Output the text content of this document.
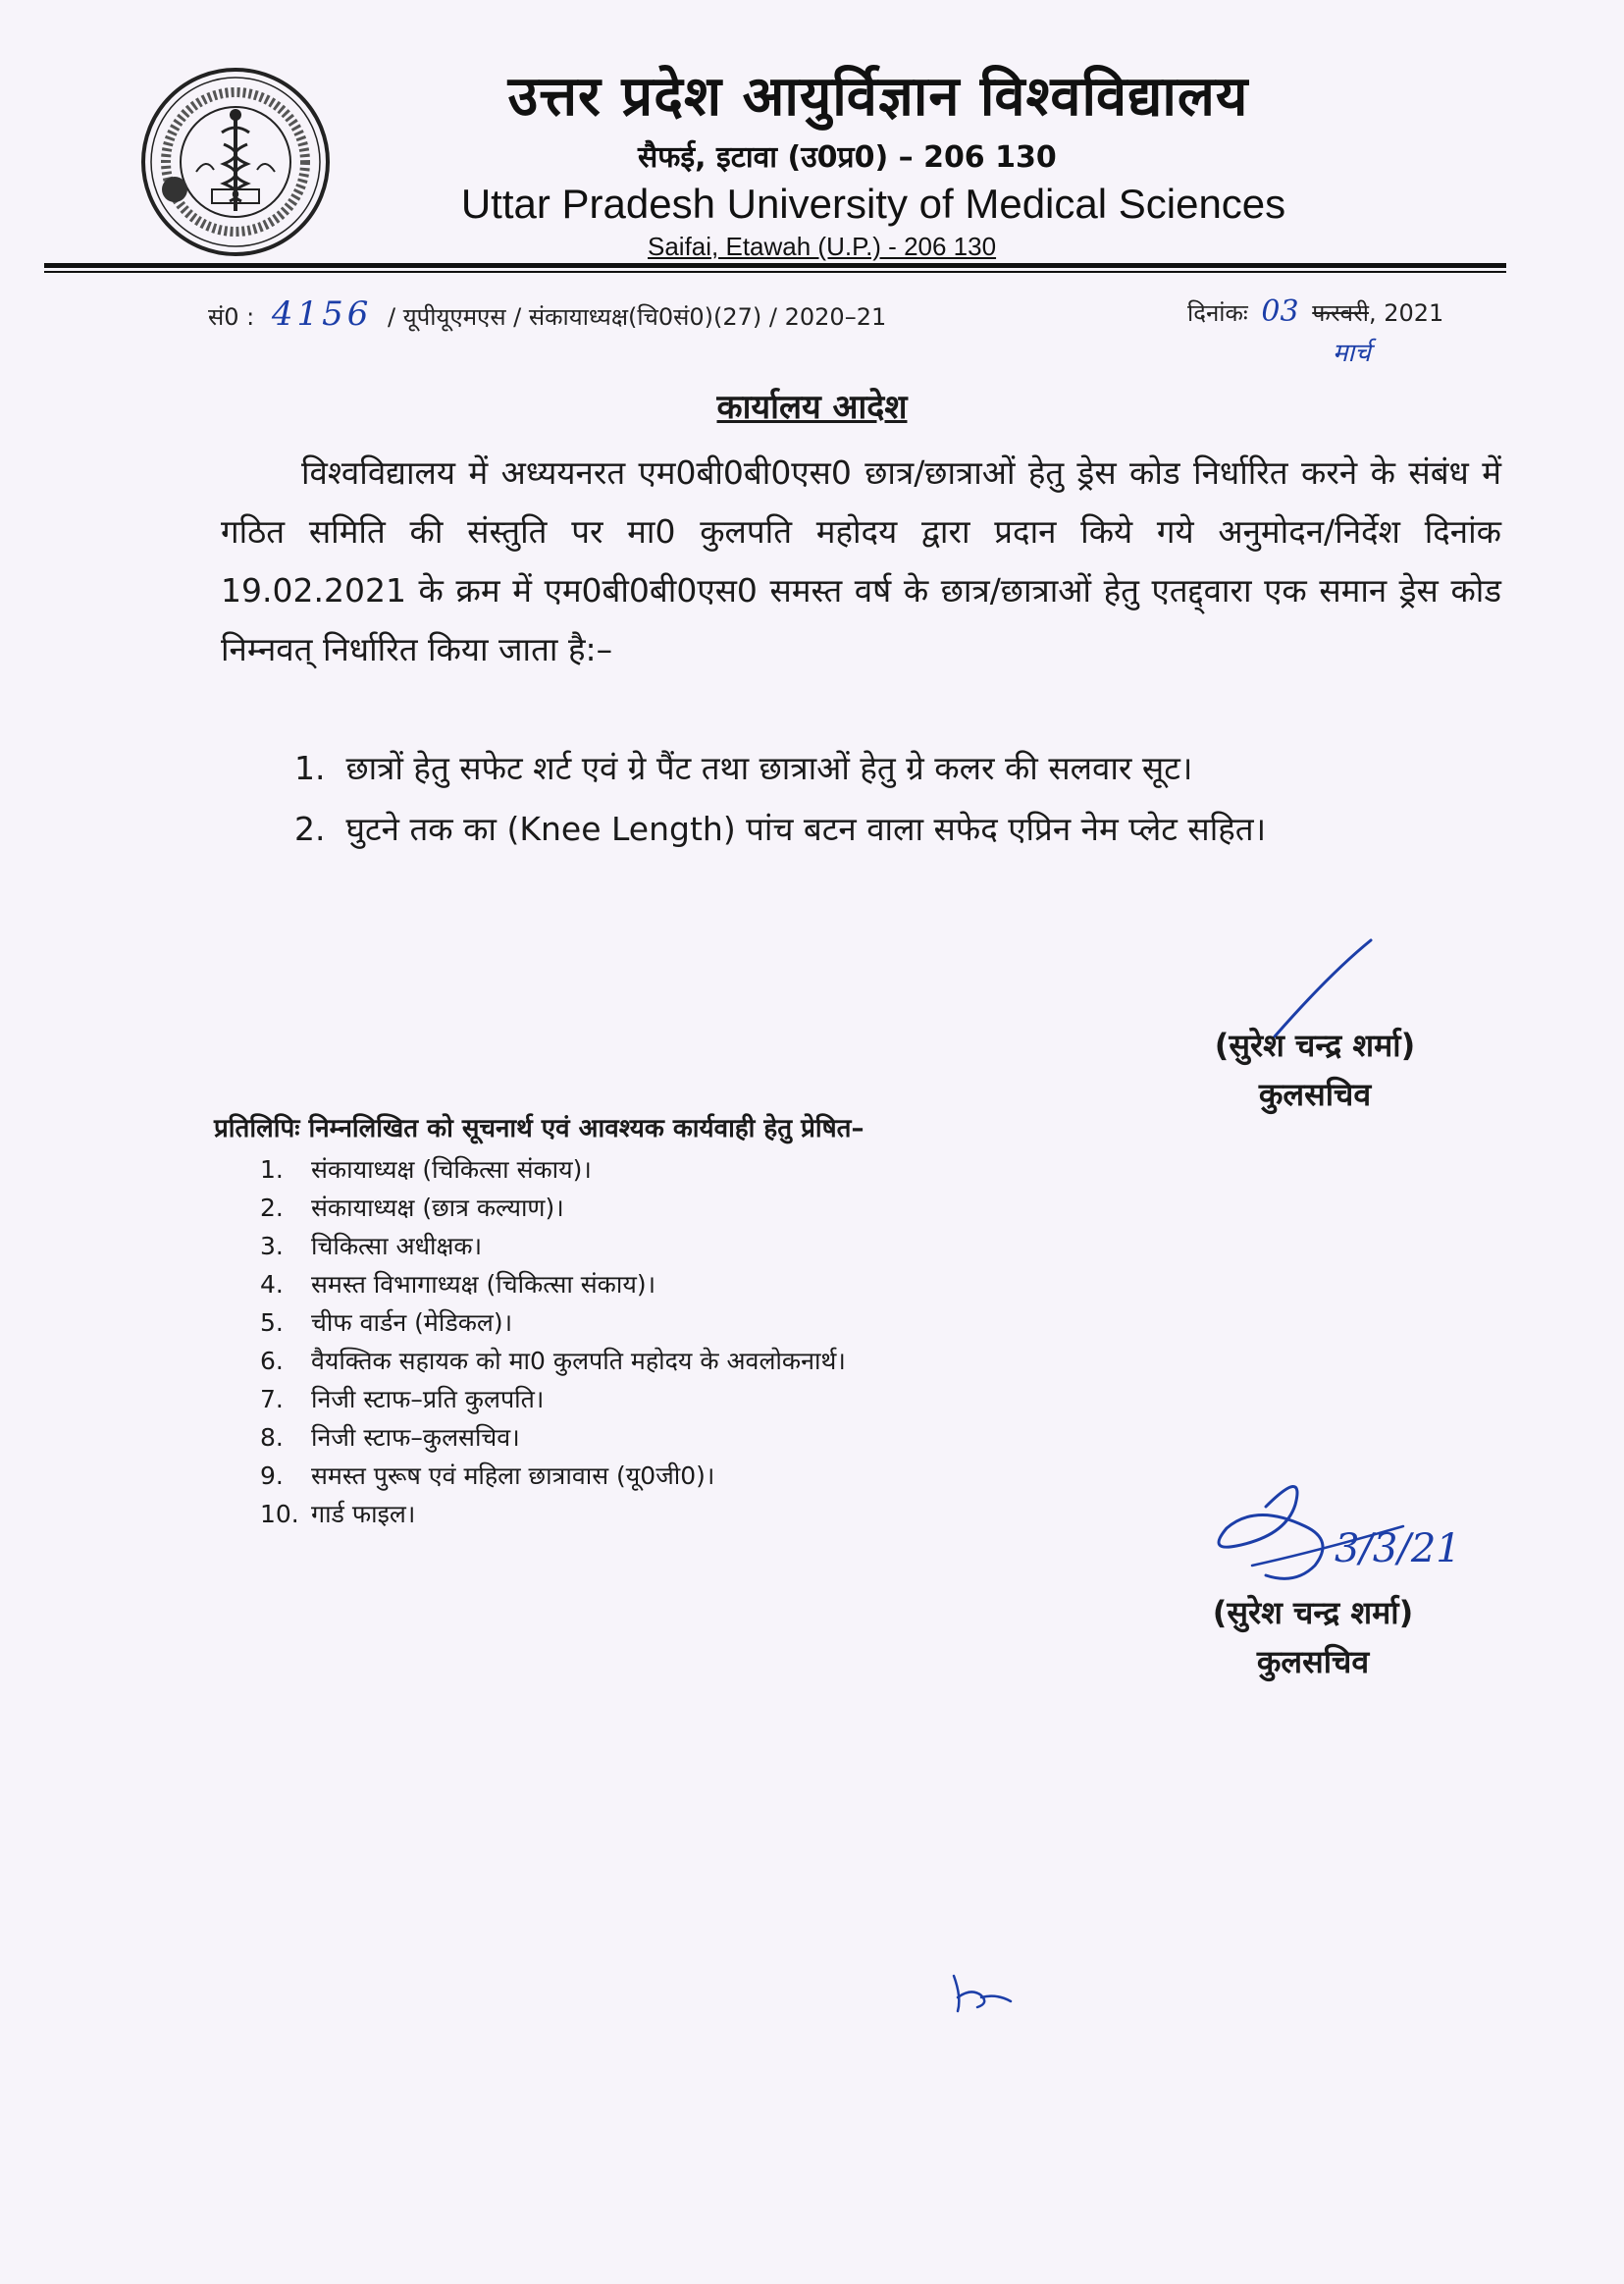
उत्तर प्रदेश आयुर्विज्ञान विश्वविद्यालय
सैफई, इटावा (उ0प्र0) – 206 130
Uttar Pradesh University of Medical Sciences
Saifai, Etawah (U.P.) - 206 130
सं0 : 4156 / यूपीयूएमएस / संकायाध्यक्ष(चि0सं0)(27) / 2020–21	दिनांकः 03 फरवरी, 2021
मार्च
कार्यालय आदेश
विश्वविद्यालय में अध्ययनरत एम0बी0बी0एस0 छात्र/छात्राओं हेतु ड्रेस कोड निर्धारित करने के संबंध में गठित समिति की संस्तुति पर मा0 कुलपति महोदय द्वारा प्रदान किये गये अनुमोदन/निर्देश दिनांक 19.02.2021 के क्रम में एम0बी0बी0एस0 समस्त वर्ष के छात्र/छात्राओं हेतु एतद्द्वारा एक समान ड्रेस कोड निम्नवत् निर्धारित किया जाता है:–
1. छात्रों हेतु सफेट शर्ट एवं ग्रे पैंट तथा छात्राओं हेतु ग्रे कलर की सलवार सूट।
2. घुटने तक का (Knee Length) पांच बटन वाला सफेद एप्रिन नेम प्लेट सहित।
(सुरेश चन्द्र शर्मा)
कुलसचिव
प्रतिलिपिः निम्नलिखित को सूचनार्थ एवं आवश्यक कार्यवाही हेतु प्रेषित–
1. संकायाध्यक्ष (चिकित्सा संकाय)।
2. संकायाध्यक्ष (छात्र कल्याण)।
3. चिकित्सा अधीक्षक।
4. समस्त विभागाध्यक्ष (चिकित्सा संकाय)।
5. चीफ वार्डन (मेडिकल)।
6. वैयक्तिक सहायक को मा0 कुलपति महोदय के अवलोकनार्थ।
7. निजी स्टाफ–प्रति कुलपति।
8. निजी स्टाफ–कुलसचिव।
9. समस्त पुरूष एवं महिला छात्रावास (यू0जी0)।
10. गार्ड फाइल।
3/3/21
(सुरेश चन्द्र शर्मा)
कुलसचिव
